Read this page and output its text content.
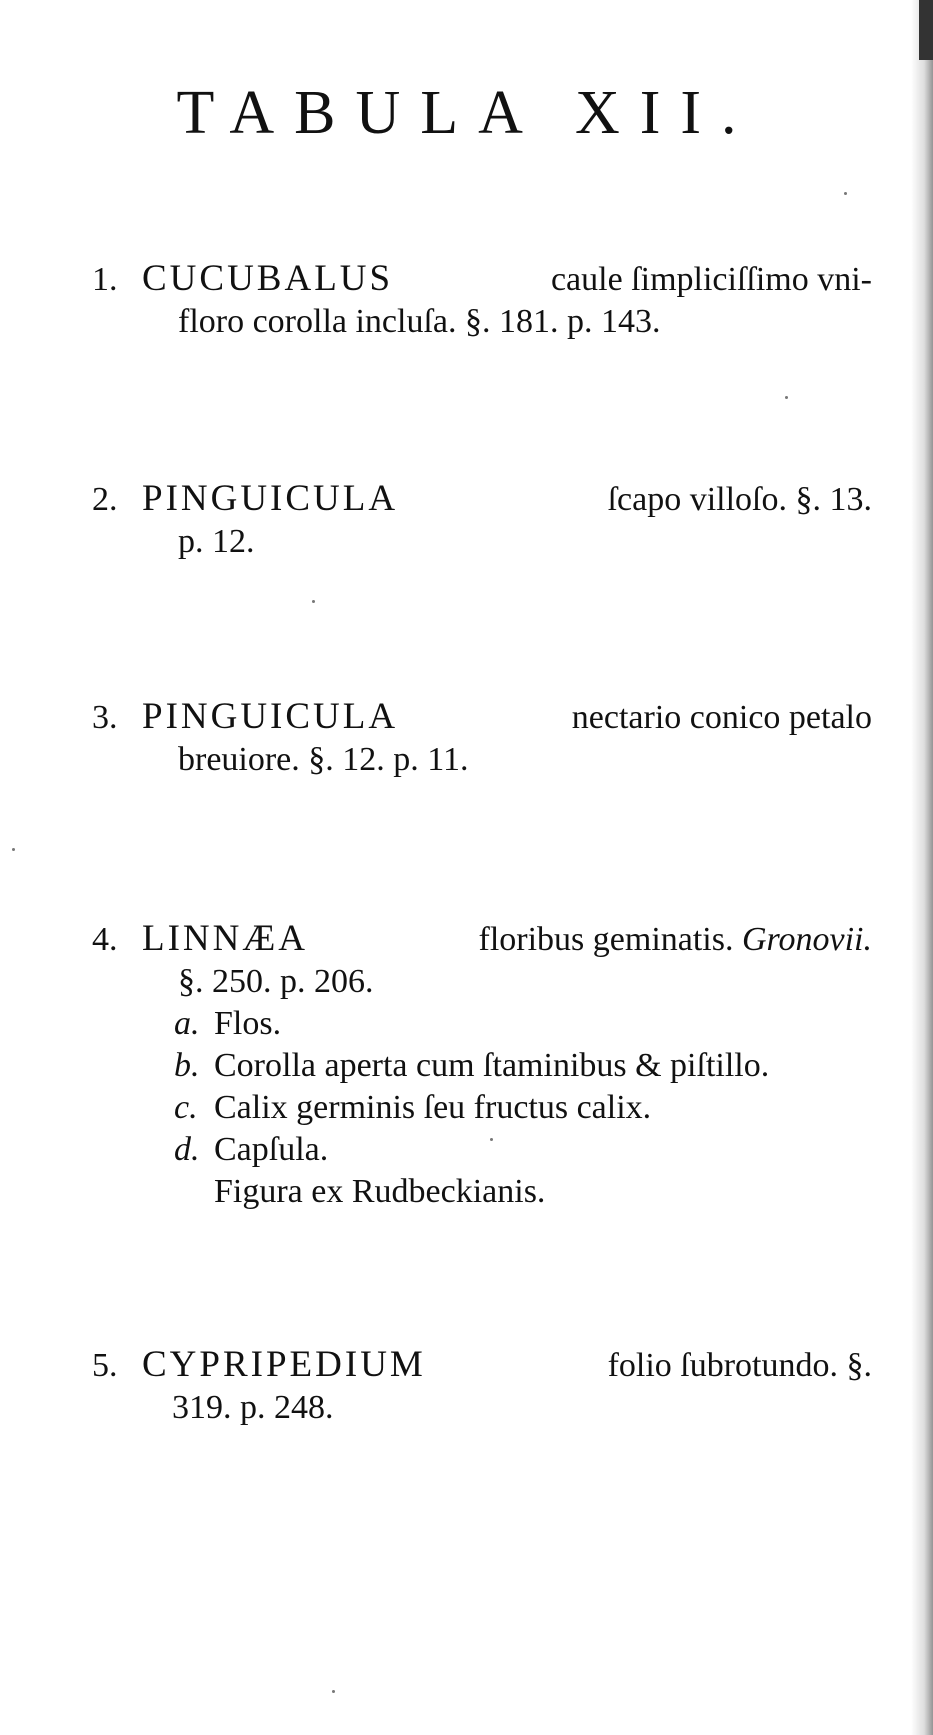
TABULA XII.
1. CUCUBALUS	caule ſimpliciſſimo vni-
floro corolla incluſa. §. 181. p. 143.
2. PINGUICULA	ſcapo villoſo. §. 13.
p. 12.
3. PINGUICULA	nectario conico petalo
breuiore. §. 12. p. 11.
4. LINNÆA	floribus geminatis. Gronovii.
§. 250. p. 206.
a. Flos.
b. Corolla aperta cum ſtaminibus & piſtillo.
c. Calix germinis ſeu fructus calix.
d. Capſula.
Figura ex Rudbeckianis.
5. CYPRIPEDIUM	folio ſubrotundo. §.
319. p. 248.
